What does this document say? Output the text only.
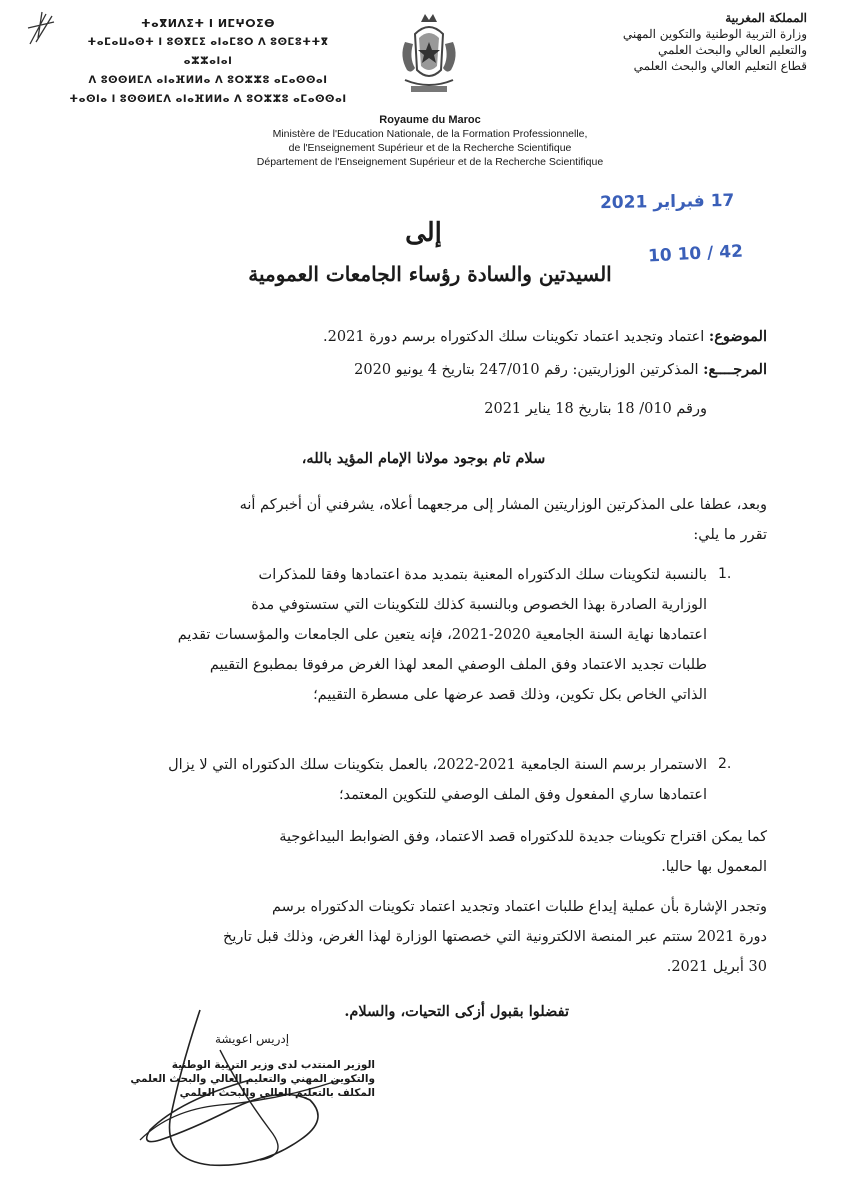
ⵜⴰⴳⵍⴷⵉⵜ ⵏ ⵍⵎⵖⵔⵉⴱ
ⵜⴰⵎⴰⵡⴰⵙⵜ ⵏ ⵓⵙⴳⵎⵉ ⴰⵏⴰⵎⵓⵔ ⴷ ⵓⵙⵎⵓⵜⵜⴳ ⴰⵣⵣⴰⵏⴰⵏ
ⴷ ⵓⵙⵙⵍⵎⴷ ⴰⵏⴰⴼⵍⵍⴰ ⴷ ⵓⵔⵣⵣⵓ ⴰⵎⴰⵙⵙⴰⵏ
ⵜⴰⵙⵏⴰ ⵏ ⵓⵙⵙⵍⵎⴷ ⴰⵏⴰⴼⵍⵍⴰ ⴷ ⵓⵔⵣⵣⵓ ⴰⵎⴰⵙⵙⴰⵏ
المملكة المغربية
وزارة التربية الوطنية والتكوين المهني
والتعليم العالي والبحث العلمي
قطاع التعليم العالي والبحث العلمي
Royaume du Maroc
Ministère de l'Education Nationale, de la Formation Professionnelle,
de l'Enseignement Supérieur et de la Recherche Scientifique
Département de l'Enseignement Supérieur et de la Recherche Scientifique
17 فبراير 2021
10 10 / 42
إلى
السيدتين والسادة رؤساء الجامعات العمومية
الموضوع: اعتماد وتجديد اعتماد تكوينات سلك الدكتوراه برسم دورة 2021.
المرجــــع: المذكرتين الوزاريتين: رقم 247/010 بتاريخ 4 يونيو 2020
ورقم 010/ 18 بتاريخ 18 يناير 2021
سلام تام بوجود مولانا الإمام المؤيد بالله،
وبعد، عطفا على المذكرتين الوزاريتين المشار إلى مرجعهما أعلاه، يشرفني أن أخبركم أنه
تقرر ما يلي:
1.
بالنسبة لتكوينات سلك الدكتوراه المعنية بتمديد مدة اعتمادها وفقا للمذكرات
الوزارية الصادرة بهذا الخصوص وبالنسبة كذلك للتكوينات التي ستستوفي مدة
اعتمادها نهاية السنة الجامعية 2020-2021، فإنه يتعين على الجامعات والمؤسسات تقديم
طلبات تجديد الاعتماد وفق الملف الوصفي المعد لهذا الغرض مرفوقا بمطبوع التقييم
الذاتي الخاص بكل تكوين، وذلك قصد عرضها على مسطرة التقييم؛
2.
الاستمرار برسم السنة الجامعية 2021-2022، بالعمل بتكوينات سلك الدكتوراه التي لا يزال
اعتمادها ساري المفعول وفق الملف الوصفي للتكوين المعتمد؛
كما يمكن اقتراح تكوينات جديدة للدكتوراه قصد الاعتماد، وفق الضوابط البيداغوجية
المعمول بها حاليا.
وتجدر الإشارة بأن عملية إيداع طلبات اعتماد وتجديد اعتماد تكوينات الدكتوراه برسم
دورة 2021 ستتم عبر المنصة الالكترونية التي خصصتها الوزارة لهذا الغرض، وذلك قبل تاريخ
30 أبريل 2021.
تفضلوا بقبول أزكى التحيات، والسلام.
إدريس اعويشة
الوزير المنتدب لدى وزير التربية الوطنية
والتكوين المهني والتعليم العالي والبحث العلمي
المكلف بالتعليم العالي والبحث العلمي
